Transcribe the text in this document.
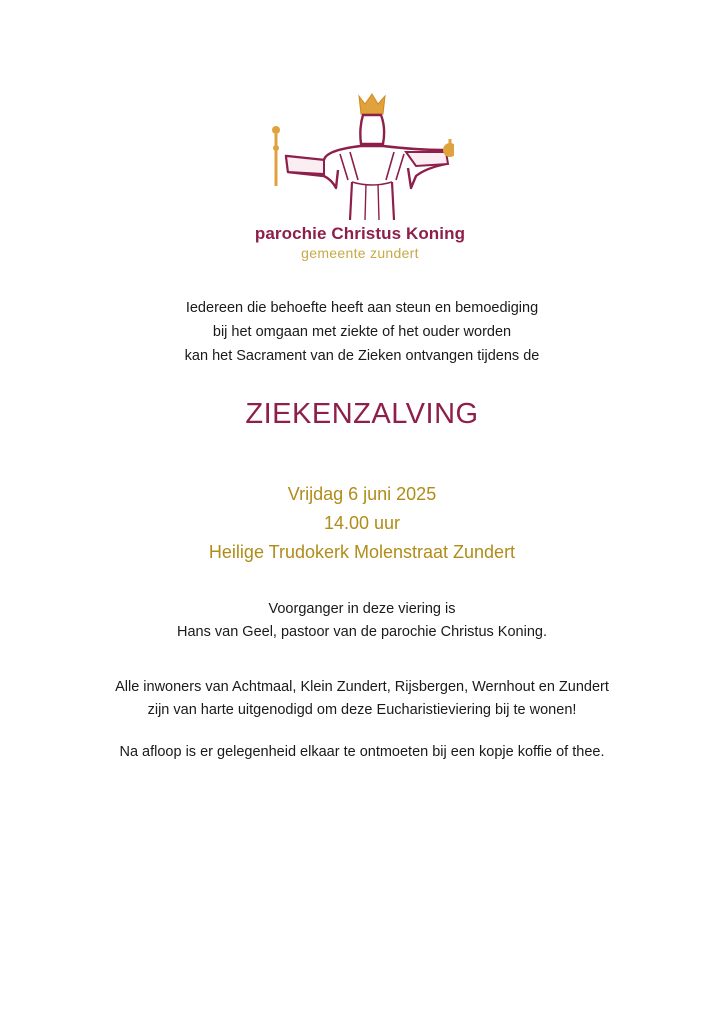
parochie Christus Koning
gemeente zundert
Iedereen die behoefte heeft aan steun en bemoediging
bij het omgaan met ziekte of het ouder worden
kan het Sacrament van de Zieken ontvangen tijdens de
ZIEKENZALVING
Vrijdag 6 juni 2025
14.00 uur
Heilige Trudokerk Molenstraat Zundert
Voorganger in deze viering is
Hans van Geel, pastoor van de parochie Christus Koning.
Alle inwoners van Achtmaal, Klein Zundert, Rijsbergen, Wernhout en Zundert
zijn van harte uitgenodigd om deze Eucharistieviering bij te wonen!
Na afloop is er gelegenheid elkaar te ontmoeten bij een kopje koffie of thee.
